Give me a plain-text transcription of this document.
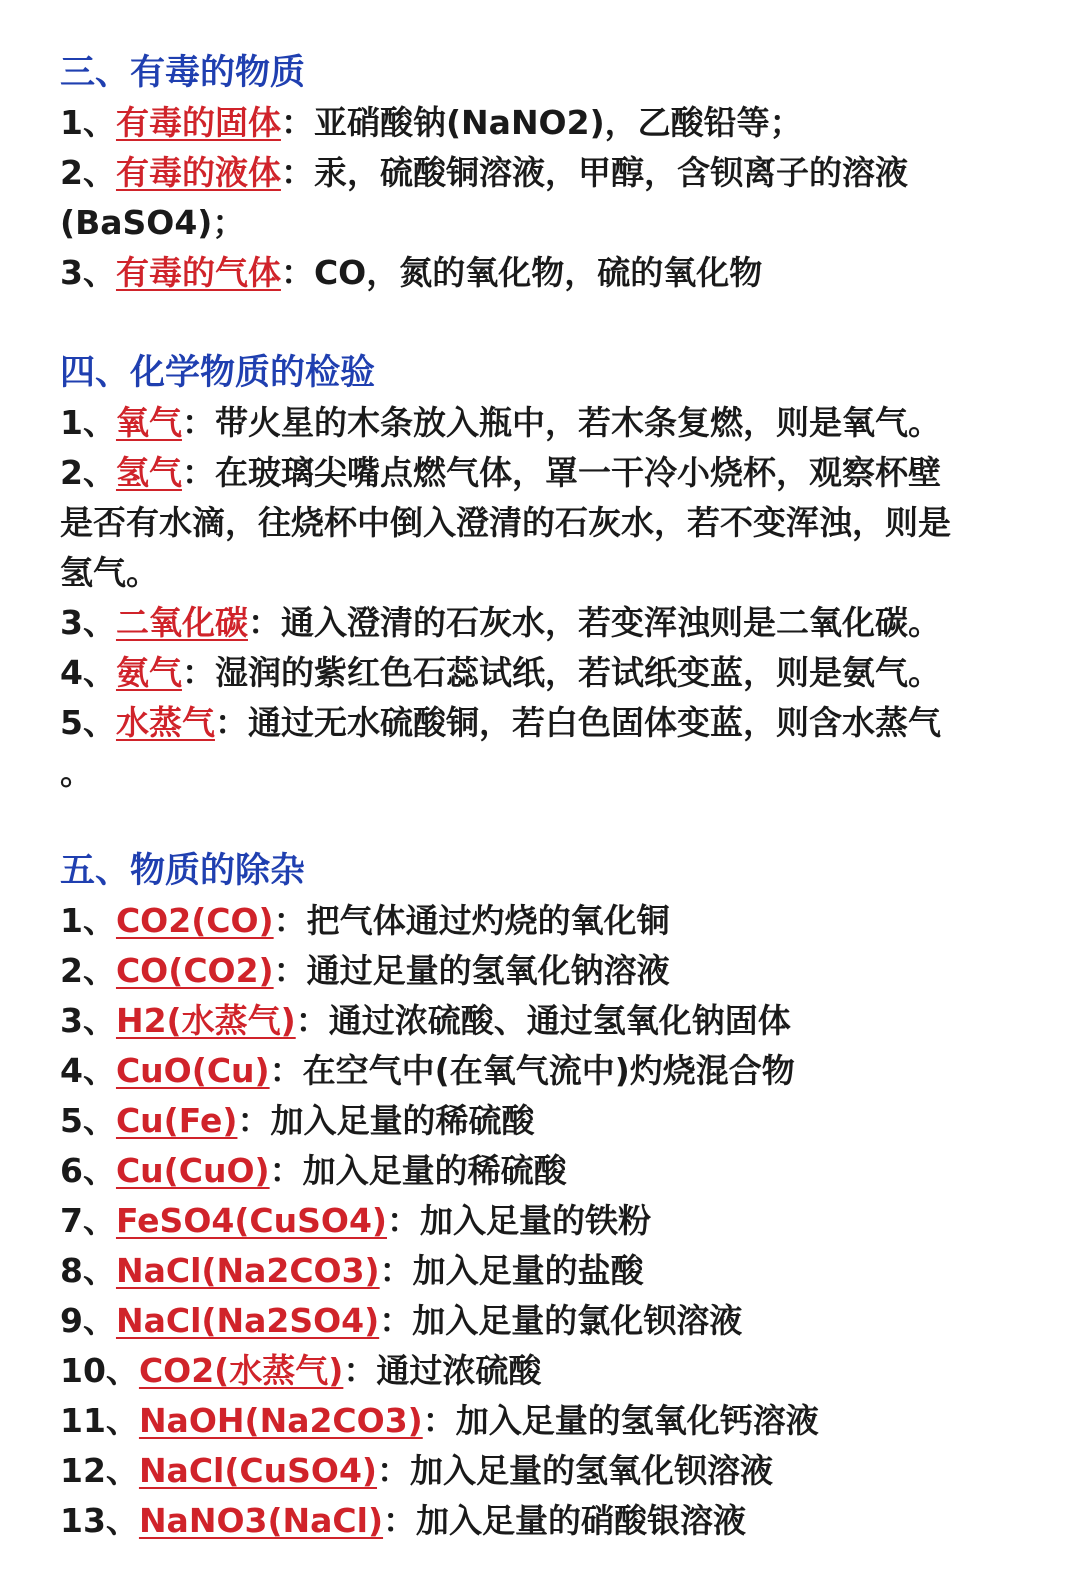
三、有毒的物质
1、有毒的固体：亚硝酸钠(NaNO2)，乙酸铅等；
2、有毒的液体：汞，硫酸铜溶液，甲醇，含钡离子的溶液
(BaSO4)；
3、有毒的气体：CO，氮的氧化物，硫的氧化物
四、化学物质的检验
1、氧气：带火星的木条放入瓶中，若木条复燃，则是氧气。
2、氢气：在玻璃尖嘴点燃气体，罩一干冷小烧杯，观察杯壁
是否有水滴，往烧杯中倒入澄清的石灰水，若不变浑浊，则是
氢气。
3、二氧化碳：通入澄清的石灰水，若变浑浊则是二氧化碳。
4、氨气：湿润的紫红色石蕊试纸，若试纸变蓝，则是氨气。
5、水蒸气：通过无水硫酸铜，若白色固体变蓝，则含水蒸气
。
五、物质的除杂
1、CO2(CO)：把气体通过灼烧的氧化铜
2、CO(CO2)：通过足量的氢氧化钠溶液
3、H2(水蒸气)：通过浓硫酸、通过氢氧化钠固体
4、CuO(Cu)：在空气中(在氧气流中)灼烧混合物
5、Cu(Fe)：加入足量的稀硫酸
6、Cu(CuO)：加入足量的稀硫酸
7、FeSO4(CuSO4)：加入足量的铁粉
8、NaCl(Na2CO3)：加入足量的盐酸
9、NaCl(Na2SO4)：加入足量的氯化钡溶液
10、CO2(水蒸气)：通过浓硫酸
11、NaOH(Na2CO3)：加入足量的氢氧化钙溶液
12、NaCl(CuSO4)：加入足量的氢氧化钡溶液
13、NaNO3(NaCl)：加入足量的硝酸银溶液
